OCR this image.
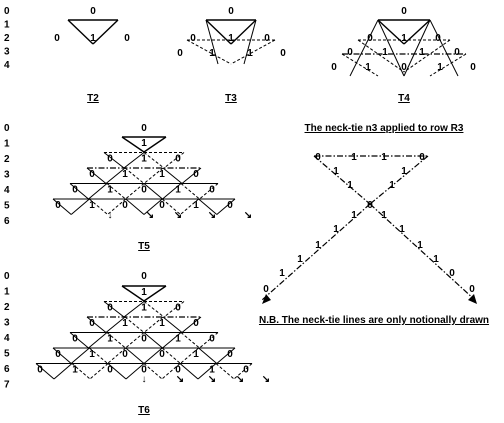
0
1
2
3
4
0
1
2
3
4
5
6
0
1
2
3
4
5
6
7
0
1
0	0
0
0	1	0
0	1	1	0
0
0	1	0
0	1	1	0
0	1	0	1	0
0
1
0	1	0
0	1	1	0
0	1	0	1	0
0	1	0	0	1	0
↓	↘ ↘	↘	↘
0
1
0	1	0
0	1	1	0
0	1	0	1	0
0	1	0	0	1	0
0	1	0	0	0	1	0
↓	↘ ↘ ↘ ↘
0	1 1	0
1	1
1	1
0
1 1
1	1
1	1
1	1
1	0
0	0
T2	T3	T4
T5
T6
The neck-tie n3 applied to row R3
N.B. The neck-tie lines are only notionally drawn
